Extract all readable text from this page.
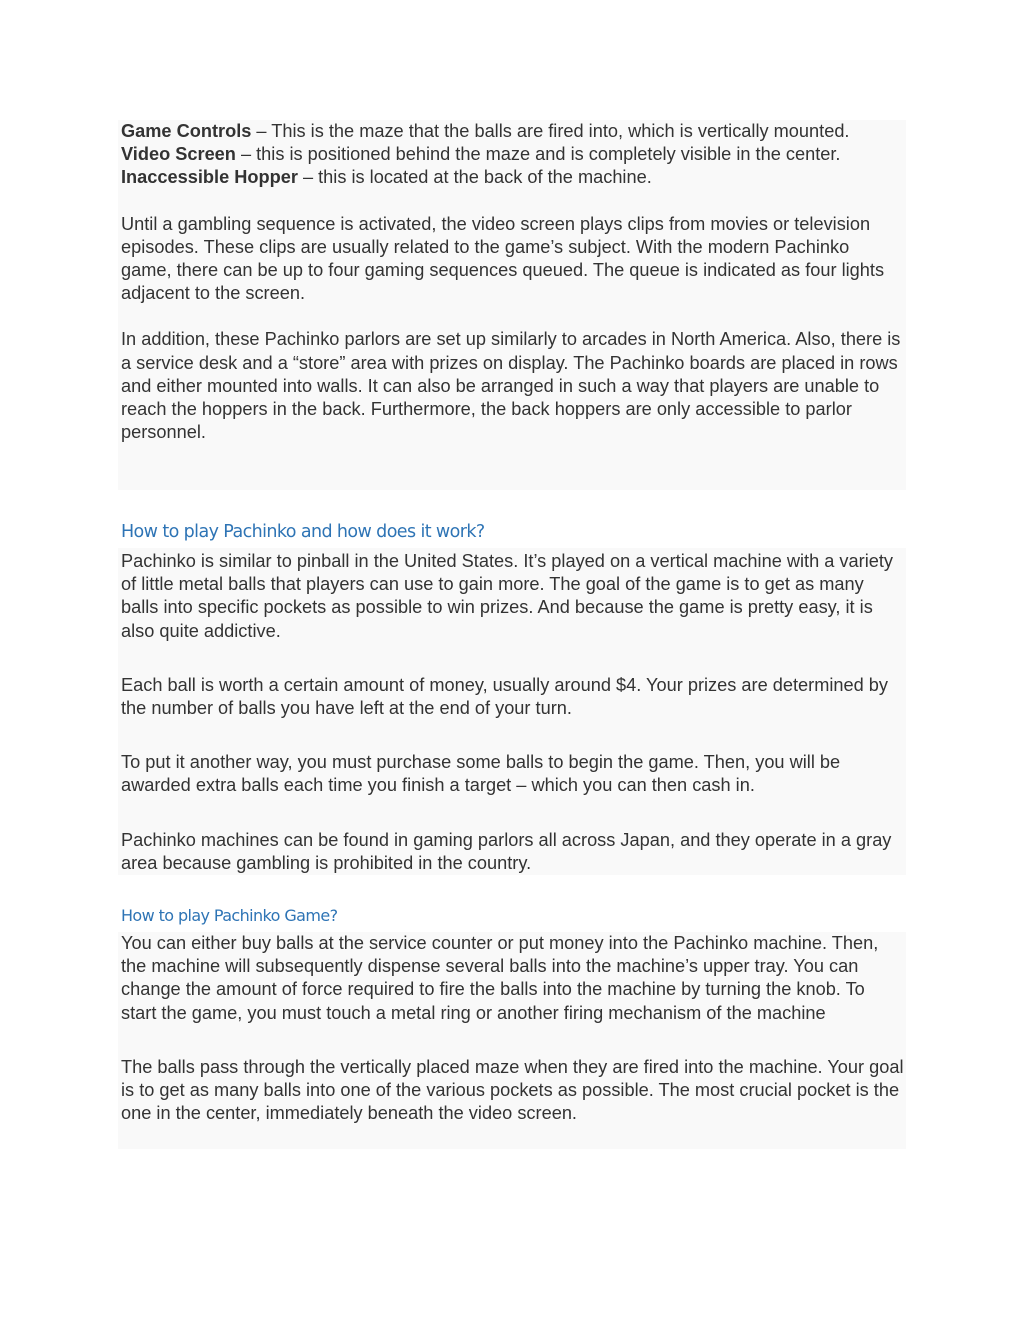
Game Controls – This is the maze that the balls are fired into, which is vertically mounted.

Video Screen – this is positioned behind the maze and is completely visible in the center.

Inaccessible Hopper – this is located at the back of the machine.

Until a gambling sequence is activated, the video screen plays clips from movies or television episodes. These clips are usually related to the game’s subject. With the modern Pachinko game, there can be up to four gaming sequences queued. The queue is indicated as four lights adjacent to the screen.

In addition, these Pachinko parlors are set up similarly to arcades in North America. Also, there is a service desk and a “store” area with prizes on display. The Pachinko boards are placed in rows and either mounted into walls. It can also be arranged in such a way that players are unable to reach the hoppers in the back. Furthermore, the back hoppers are only accessible to parlor personnel.

How to play Pachinko and how does it work?

Pachinko is similar to pinball in the United States. It’s played on a vertical machine with a variety of little metal balls that players can use to gain more. The goal of the game is to get as many balls into specific pockets as possible to win prizes. And because the game is pretty easy, it is also quite addictive.

Each ball is worth a certain amount of money, usually around $4. Your prizes are determined by the number of balls you have left at the end of your turn.

To put it another way, you must purchase some balls to begin the game. Then, you will be awarded extra balls each time you finish a target – which you can then cash in.

Pachinko machines can be found in gaming parlors all across Japan, and they operate in a gray area because gambling is prohibited in the country.

How to play Pachinko Game?

You can either buy balls at the service counter or put money into the Pachinko machine. Then, the machine will subsequently dispense several balls into the machine’s upper tray. You can change the amount of force required to fire the balls into the machine by turning the knob. To start the game, you must touch a metal ring or another firing mechanism of the machine

The balls pass through the vertically placed maze when they are fired into the machine. Your goal is to get as many balls into one of the various pockets as possible. The most crucial pocket is the one in the center, immediately beneath the video screen.
